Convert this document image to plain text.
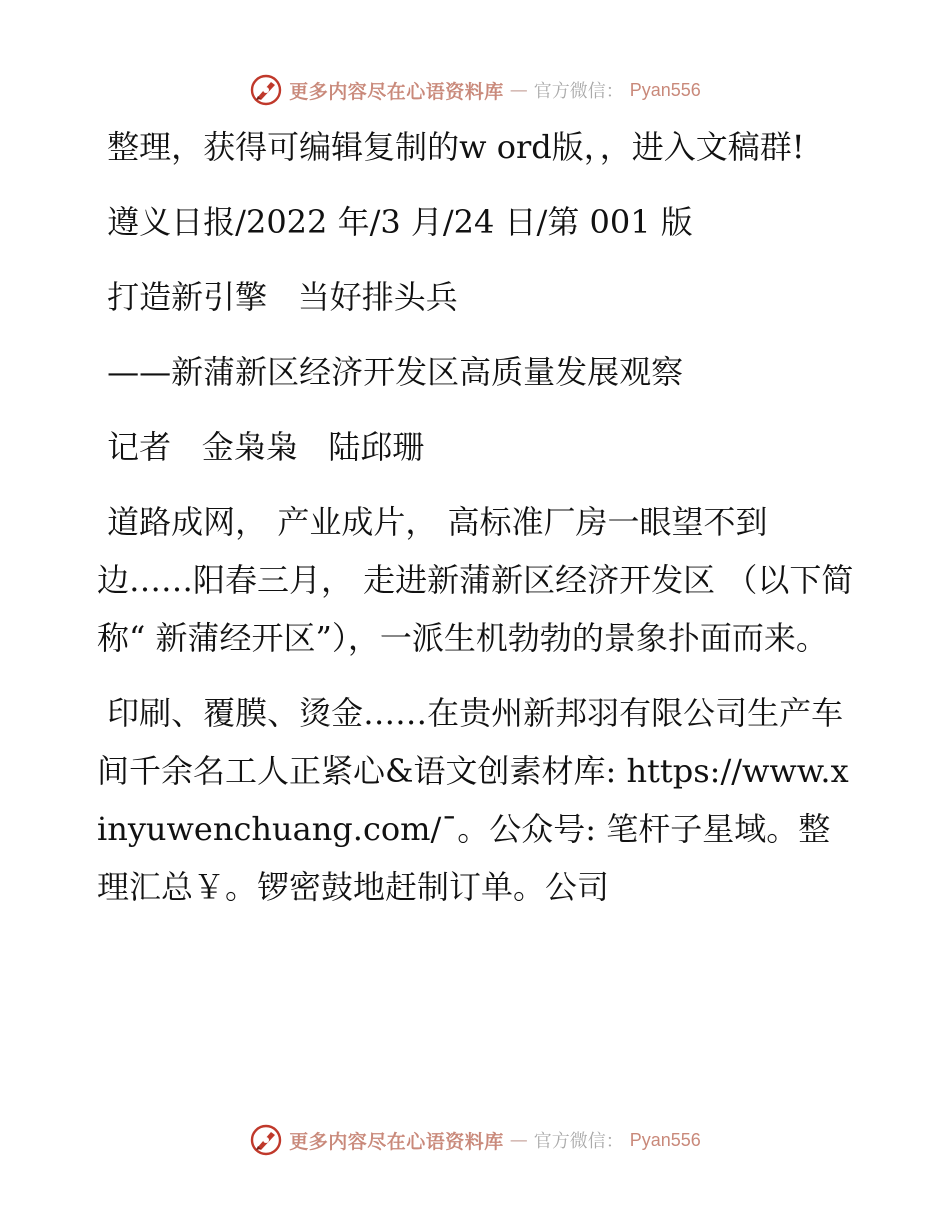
更多内容尽在心语资料库 — 官方微信： Pyan556

整理，获得可编辑复制的w ord版，，进入文稿群!

遵义日报/2022 年/3 月/24 日/第 001 版

打造新引擎   当好排头兵

——新蒲新区经济开发区高质量发展观察

记者   金枭枭   陆邱珊

道路成网， 产业成片， 高标准厂房一眼望不到边……阳春三月， 走进新蒲新区经济开发区 （以下简称“ 新蒲经开区”），一派生机勃勃的景象扑面而来。

印刷、覆膜、烫金……在贵州新邦羽有限公司生产车间千余名工人正紧心&语文创素材库: https://www.xinyuwenchuang.com/¯。公众号: 笔杆子星域。整理汇总￥。锣密鼓地赶制订单。公司

更多内容尽在心语资料库 — 官方微信： Pyan556
